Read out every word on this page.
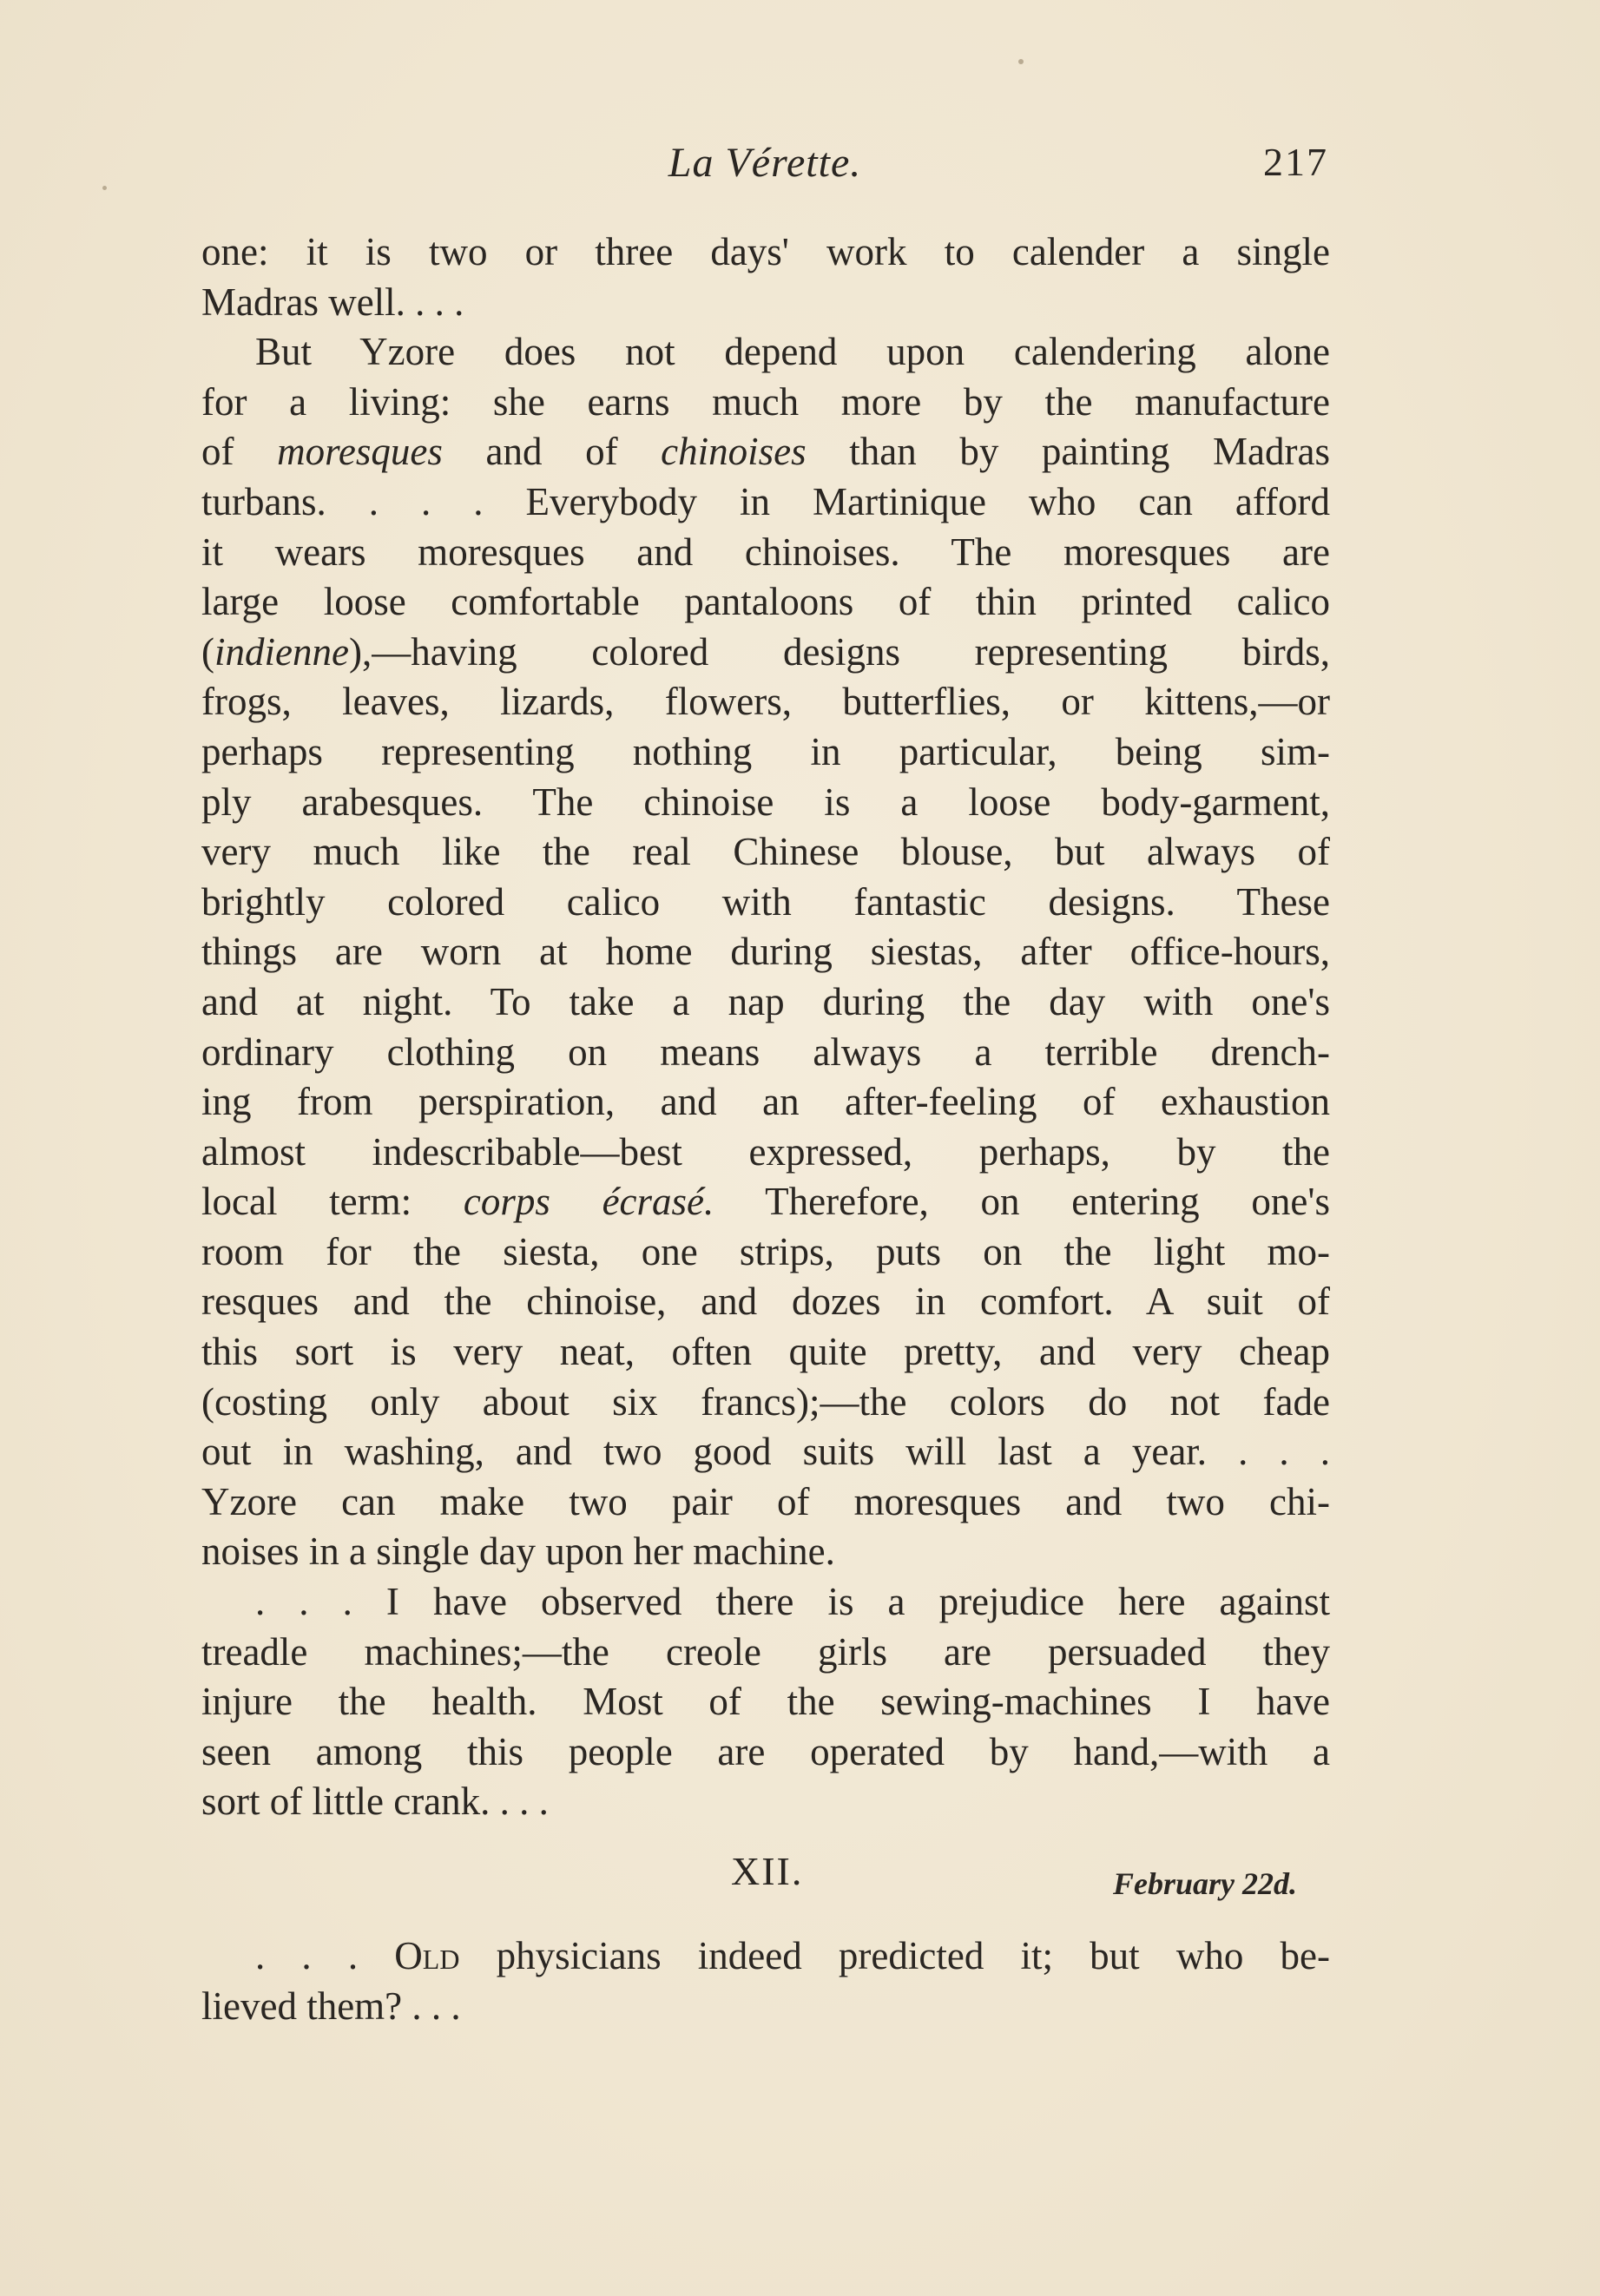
La Vérette.	217
one: it is two or three days' work to calender a single
Madras well. . . .
But Yzore does not depend upon calendering alone
for a living: she earns much more by the manufacture
of moresques and of chinoises than by painting Madras
turbans. . . . Everybody in Martinique who can afford
it wears moresques and chinoises. The moresques are
large loose comfortable pantaloons of thin printed calico
(indienne),—having colored designs representing birds,
frogs, leaves, lizards, flowers, butterflies, or kittens,—or
perhaps representing nothing in particular, being sim-
ply arabesques. The chinoise is a loose body-garment,
very much like the real Chinese blouse, but always of
brightly colored calico with fantastic designs. These
things are worn at home during siestas, after office-hours,
and at night. To take a nap during the day with one's
ordinary clothing on means always a terrible drench-
ing from perspiration, and an after-feeling of exhaustion
almost indescribable—best expressed, perhaps, by the
local term: corps écrasé. Therefore, on entering one's
room for the siesta, one strips, puts on the light mo-
resques and the chinoise, and dozes in comfort. A suit of
this sort is very neat, often quite pretty, and very cheap
(costing only about six francs);—the colors do not fade
out in washing, and two good suits will last a year. . . .
Yzore can make two pair of moresques and two chi-
noises in a single day upon her machine.
. . . I have observed there is a prejudice here against
treadle machines;—the creole girls are persuaded they
injure the health. Most of the sewing-machines I have
seen among this people are operated by hand,—with a
sort of little crank. . . .
XII.	February 22d.
. . . Old physicians indeed predicted it; but who be-
lieved them? . . .
